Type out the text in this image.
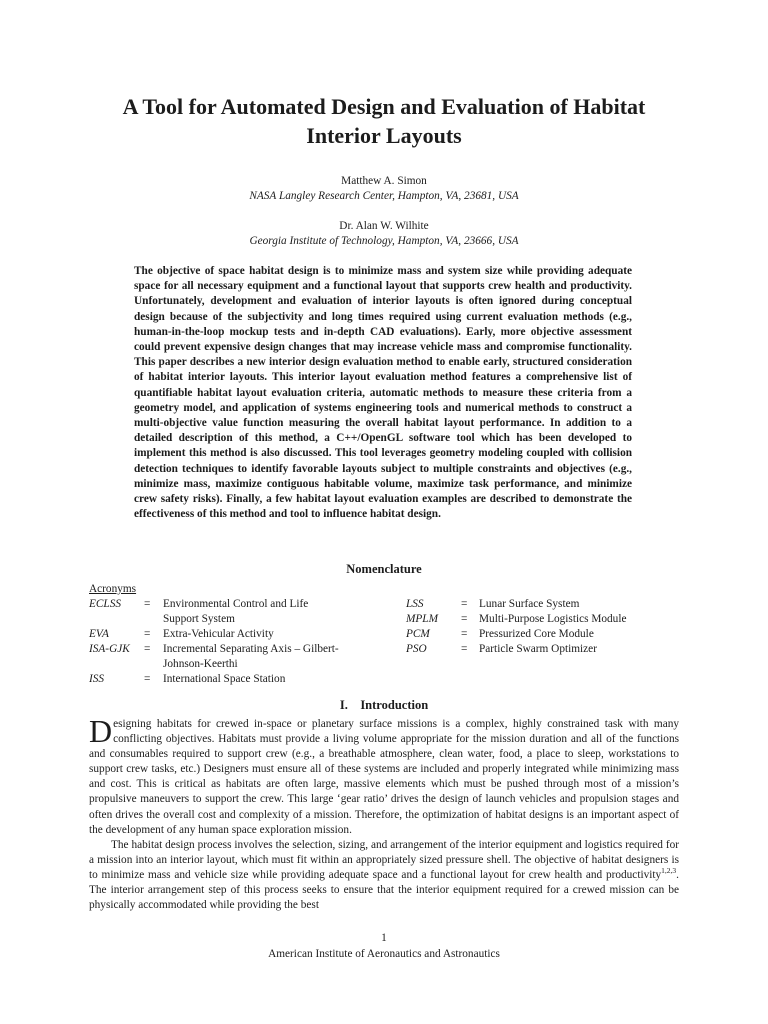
A Tool for Automated Design and Evaluation of Habitat
Interior Layouts
Matthew A. Simon
NASA Langley Research Center, Hampton, VA, 23681, USA
Dr. Alan W. Wilhite
Georgia Institute of Technology, Hampton, VA, 23666, USA
The objective of space habitat design is to minimize mass and system size while providing adequate space for all necessary equipment and a functional layout that supports crew health and productivity. Unfortunately, development and evaluation of interior layouts is often ignored during conceptual design because of the subjectivity and long times required using current evaluation methods (e.g., human-in-the-loop mockup tests and in-depth CAD evaluations). Early, more objective assessment could prevent expensive design changes that may increase vehicle mass and compromise functionality. This paper describes a new interior design evaluation method to enable early, structured consideration of habitat interior layouts. This interior layout evaluation method features a comprehensive list of quantifiable habitat layout evaluation criteria, automatic methods to measure these criteria from a geometry model, and application of systems engineering tools and numerical methods to construct a multi-objective value function measuring the overall habitat layout performance. In addition to a detailed description of this method, a C++/OpenGL software tool which has been developed to implement this method is also discussed. This tool leverages geometry modeling coupled with collision detection techniques to identify favorable layouts subject to multiple constraints and objectives (e.g., minimize mass, maximize contiguous habitable volume, maximize task performance, and minimize crew safety risks). Finally, a few habitat layout evaluation examples are described to demonstrate the effectiveness of this method and tool to influence habitat design.
Nomenclature
Acronyms
ECLSS = Environmental Control and Life
Support System
EVA	= Extra-Vehicular Activity
ISA-GJK = Incremental Separating Axis – Gilbert-
Johnson-Keerthi
ISS	= International Space Station
LSS	= Lunar Surface System
MPLM = Multi-Purpose Logistics Module
PCM	= Pressurized Core Module
PSO	= Particle Swarm Optimizer
I. Introduction
Designing habitats for crewed in-space or planetary surface missions is a complex, highly constrained task with many conflicting objectives. Habitats must provide a living volume appropriate for the mission duration and all of the functions and consumables required to support crew (e.g., a breathable atmosphere, clean water, food, a place to sleep, workstations to support crew tasks, etc.) Designers must ensure all of these systems are included and properly integrated while minimizing mass and cost. This is critical as habitats are often large, massive elements which must be pushed through most of a mission’s propulsive maneuvers to support the crew. This large ‘gear ratio’ drives the design of launch vehicles and propulsion stages and often drives the overall cost and complexity of a mission. Therefore, the optimization of habitat designs is an important aspect of the development of any human space exploration mission.
The habitat design process involves the selection, sizing, and arrangement of the interior equipment and logistics required for a mission into an interior layout, which must fit within an appropriately sized pressure shell. The objective of habitat designers is to minimize mass and vehicle size while providing adequate space and a functional layout for crew health and productivity$^{1,2,3}$. The interior arrangement step of this process seeks to ensure that the interior equipment required for a crewed mission can be physically accommodated while providing the best
1
American Institute of Aeronautics and Astronautics
